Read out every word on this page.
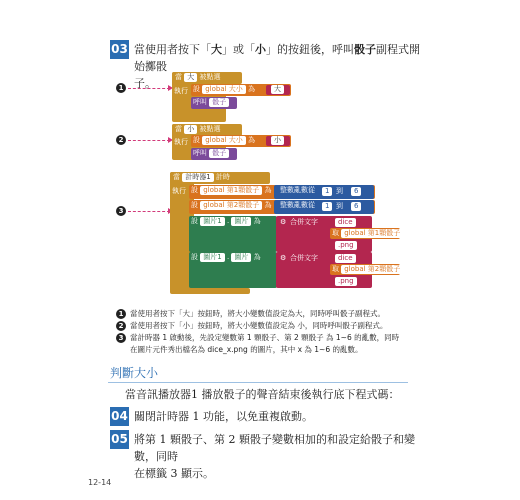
03 當使用者按下「大」或「小」的按鈕後，呼叫骰子副程式開始擲骰
子。
1
當 大 被點選
執行 設 global 大小 為	大
呼叫 骰子
2
當 小 被點選
執行 設 global 大小 為	小
呼叫 骰子
3
當 計時器1 計時
執行 設 global 第1顆骰子 為	整數亂數從	1 到	6
設 global 第2顆骰子 為	整數亂數從	1 到	6
設 圖片1 . 圖片 為	⚙ 合併文字	dice
取 global 第1顆骰子
.png
設 圖片1 . 圖片 為	⚙ 合併文字	dice
取 global 第2顆骰子
.png
1 當使用者按下「大」按鈕時，將大小變數值設定為大，同時呼叫骰子副程式。
2 當使用者按下「小」按鈕時，將大小變數值設定為 小，同時呼叫骰子副程式。
3 當計時器 1 啟動後，先設定變數第 1 顆骰子、第 2 顆骰子 為 1~6 的亂數，同時
在圖片元件秀出檔名為 dice_x.png 的圖片，其中 x 為 1~6 的亂數。
判斷大小
當音訊播放器1 播放骰子的聲音結束後執行底下程式碼：
04 關閉計時器 1 功能，以免重複啟動。
05 將第 1 顆骰子、第 2 顆骰子變數相加的和設定給骰子和變數，同時
在標籤 3 顯示。
12-14
